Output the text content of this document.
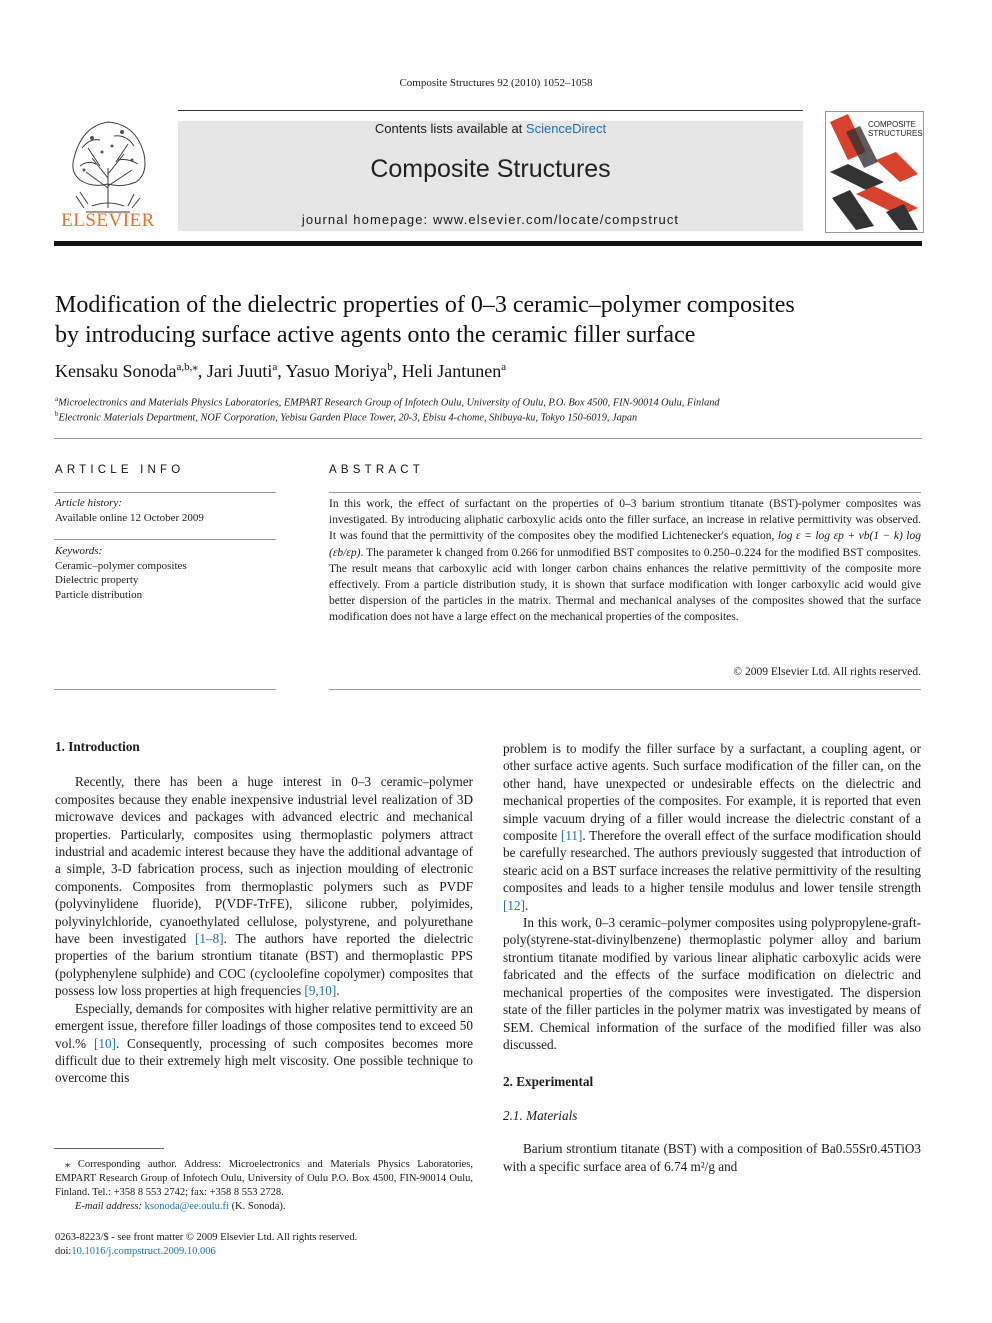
Composite Structures 92 (2010) 1052–1058
Contents lists available at ScienceDirect
Composite Structures
journal homepage: www.elsevier.com/locate/compstruct
ELSEVIER
COMPOSITE
STRUCTURES
Modification of the dielectric properties of 0–3 ceramic–polymer composites
by introducing surface active agents onto the ceramic filler surface
Kensaku Sonoda$^{a,b,⁎}$, Jari Juuti$^a$, Yasuo Moriya$^b$, Heli Jantunen$^a$
$^a$Microelectronics and Materials Physics Laboratories, EMPART Research Group of Infotech Oulu, University of Oulu, P.O. Box 4500, FIN-90014 Oulu, Finland
$^b$Electronic Materials Department, NOF Corporation, Yebisu Garden Place Tower, 20-3, Ebisu 4-chome, Shibuya-ku, Tokyo 150-6019, Japan
ARTICLE INFO
Article history:
Available online 12 October 2009
Keywords:
Ceramic–polymer composites
Dielectric property
Particle distribution
ABSTRACT
In this work, the effect of surfactant on the properties of 0–3 barium strontium titanate (BST)-polymer composites was investigated. By introducing aliphatic carboxylic acids onto the filler surface, an increase in relative permittivity was observed. It was found that the permittivity of the composites obey the modified Lichtenecker's equation, log ε = log εp + vb(1 − k) log (εb/εp). The parameter k changed from 0.266 for unmodified BST composites to 0.250–0.224 for the modified BST composites. The result means that carboxylic acid with longer carbon chains enhances the relative permittivity of the composite more effectively. From a particle distribution study, it is shown that surface modification with longer carboxylic acid would give better dispersion of the particles in the matrix. Thermal and mechanical analyses of the composites showed that the surface modification does not have a large effect on the mechanical properties of the composites.
© 2009 Elsevier Ltd. All rights reserved.
1. Introduction

Recently, there has been a huge interest in 0–3 ceramic–polymer composites because they enable inexpensive industrial level realization of 3D microwave devices and packages with advanced electric and mechanical properties. Particularly, composites using thermoplastic polymers attract industrial and academic interest because they have the additional advantage of a simple, 3-D fabrication process, such as injection moulding of electronic components. Composites from thermoplastic polymers such as PVDF (polyvinylidene fluoride), P(VDF-TrFE), silicone rubber, polyimides, polyvinylchloride, cyanoethylated cellulose, polystyrene, and polyurethane have been investigated [1–8]. The authors have reported the dielectric properties of the barium strontium titanate (BST) and thermoplastic PPS (polyphenylene sulphide) and COC (cycloolefine copolymer) composites that possess low loss properties at high frequencies [9,10].

Especially, demands for composites with higher relative permittivity are an emergent issue, therefore filler loadings of those composites tend to exceed 50 vol.% [10]. Consequently, processing of such composites becomes more difficult due to their extremely high melt viscosity. One possible technique to overcome this

⁎ Corresponding author. Address: Microelectronics and Materials Physics Laboratories, EMPART Research Group of Infotech Oulu, University of Oulu P.O. Box 4500, FIN-90014 Oulu, Finland. Tel.: +358 8 553 2742; fax: +358 8 553 2728.
E-mail address: ksonoda@ee.oulu.fi (K. Sonoda).
0263-8223/$ - see front matter © 2009 Elsevier Ltd. All rights reserved.
doi:10.1016/j.compstruct.2009.10.006

problem is to modify the filler surface by a surfactant, a coupling agent, or other surface active agents. Such surface modification of the filler can, on the other hand, have unexpected or undesirable effects on the dielectric and mechanical properties of the composites. For example, it is reported that even simple vacuum drying of a filler would increase the dielectric constant of a composite [11]. Therefore the overall effect of the surface modification should be carefully researched. The authors previously suggested that introduction of stearic acid on a BST surface increases the relative permittivity of the resulting composites and leads to a higher tensile modulus and lower tensile strength [12].

In this work, 0–3 ceramic–polymer composites using polypropylene-graft-poly(styrene-stat-divinylbenzene) thermoplastic polymer alloy and barium strontium titanate modified by various linear aliphatic carboxylic acids were fabricated and the effects of the surface modification on dielectric and mechanical properties of the composites were investigated. The dispersion state of the filler particles in the polymer matrix was investigated by means of SEM. Chemical information of the surface of the modified filler was also discussed.

2. Experimental
2.1. Materials

Barium strontium titanate (BST) with a composition of Ba0.55Sr0.45TiO3 with a specific surface area of 6.74 m²/g and
